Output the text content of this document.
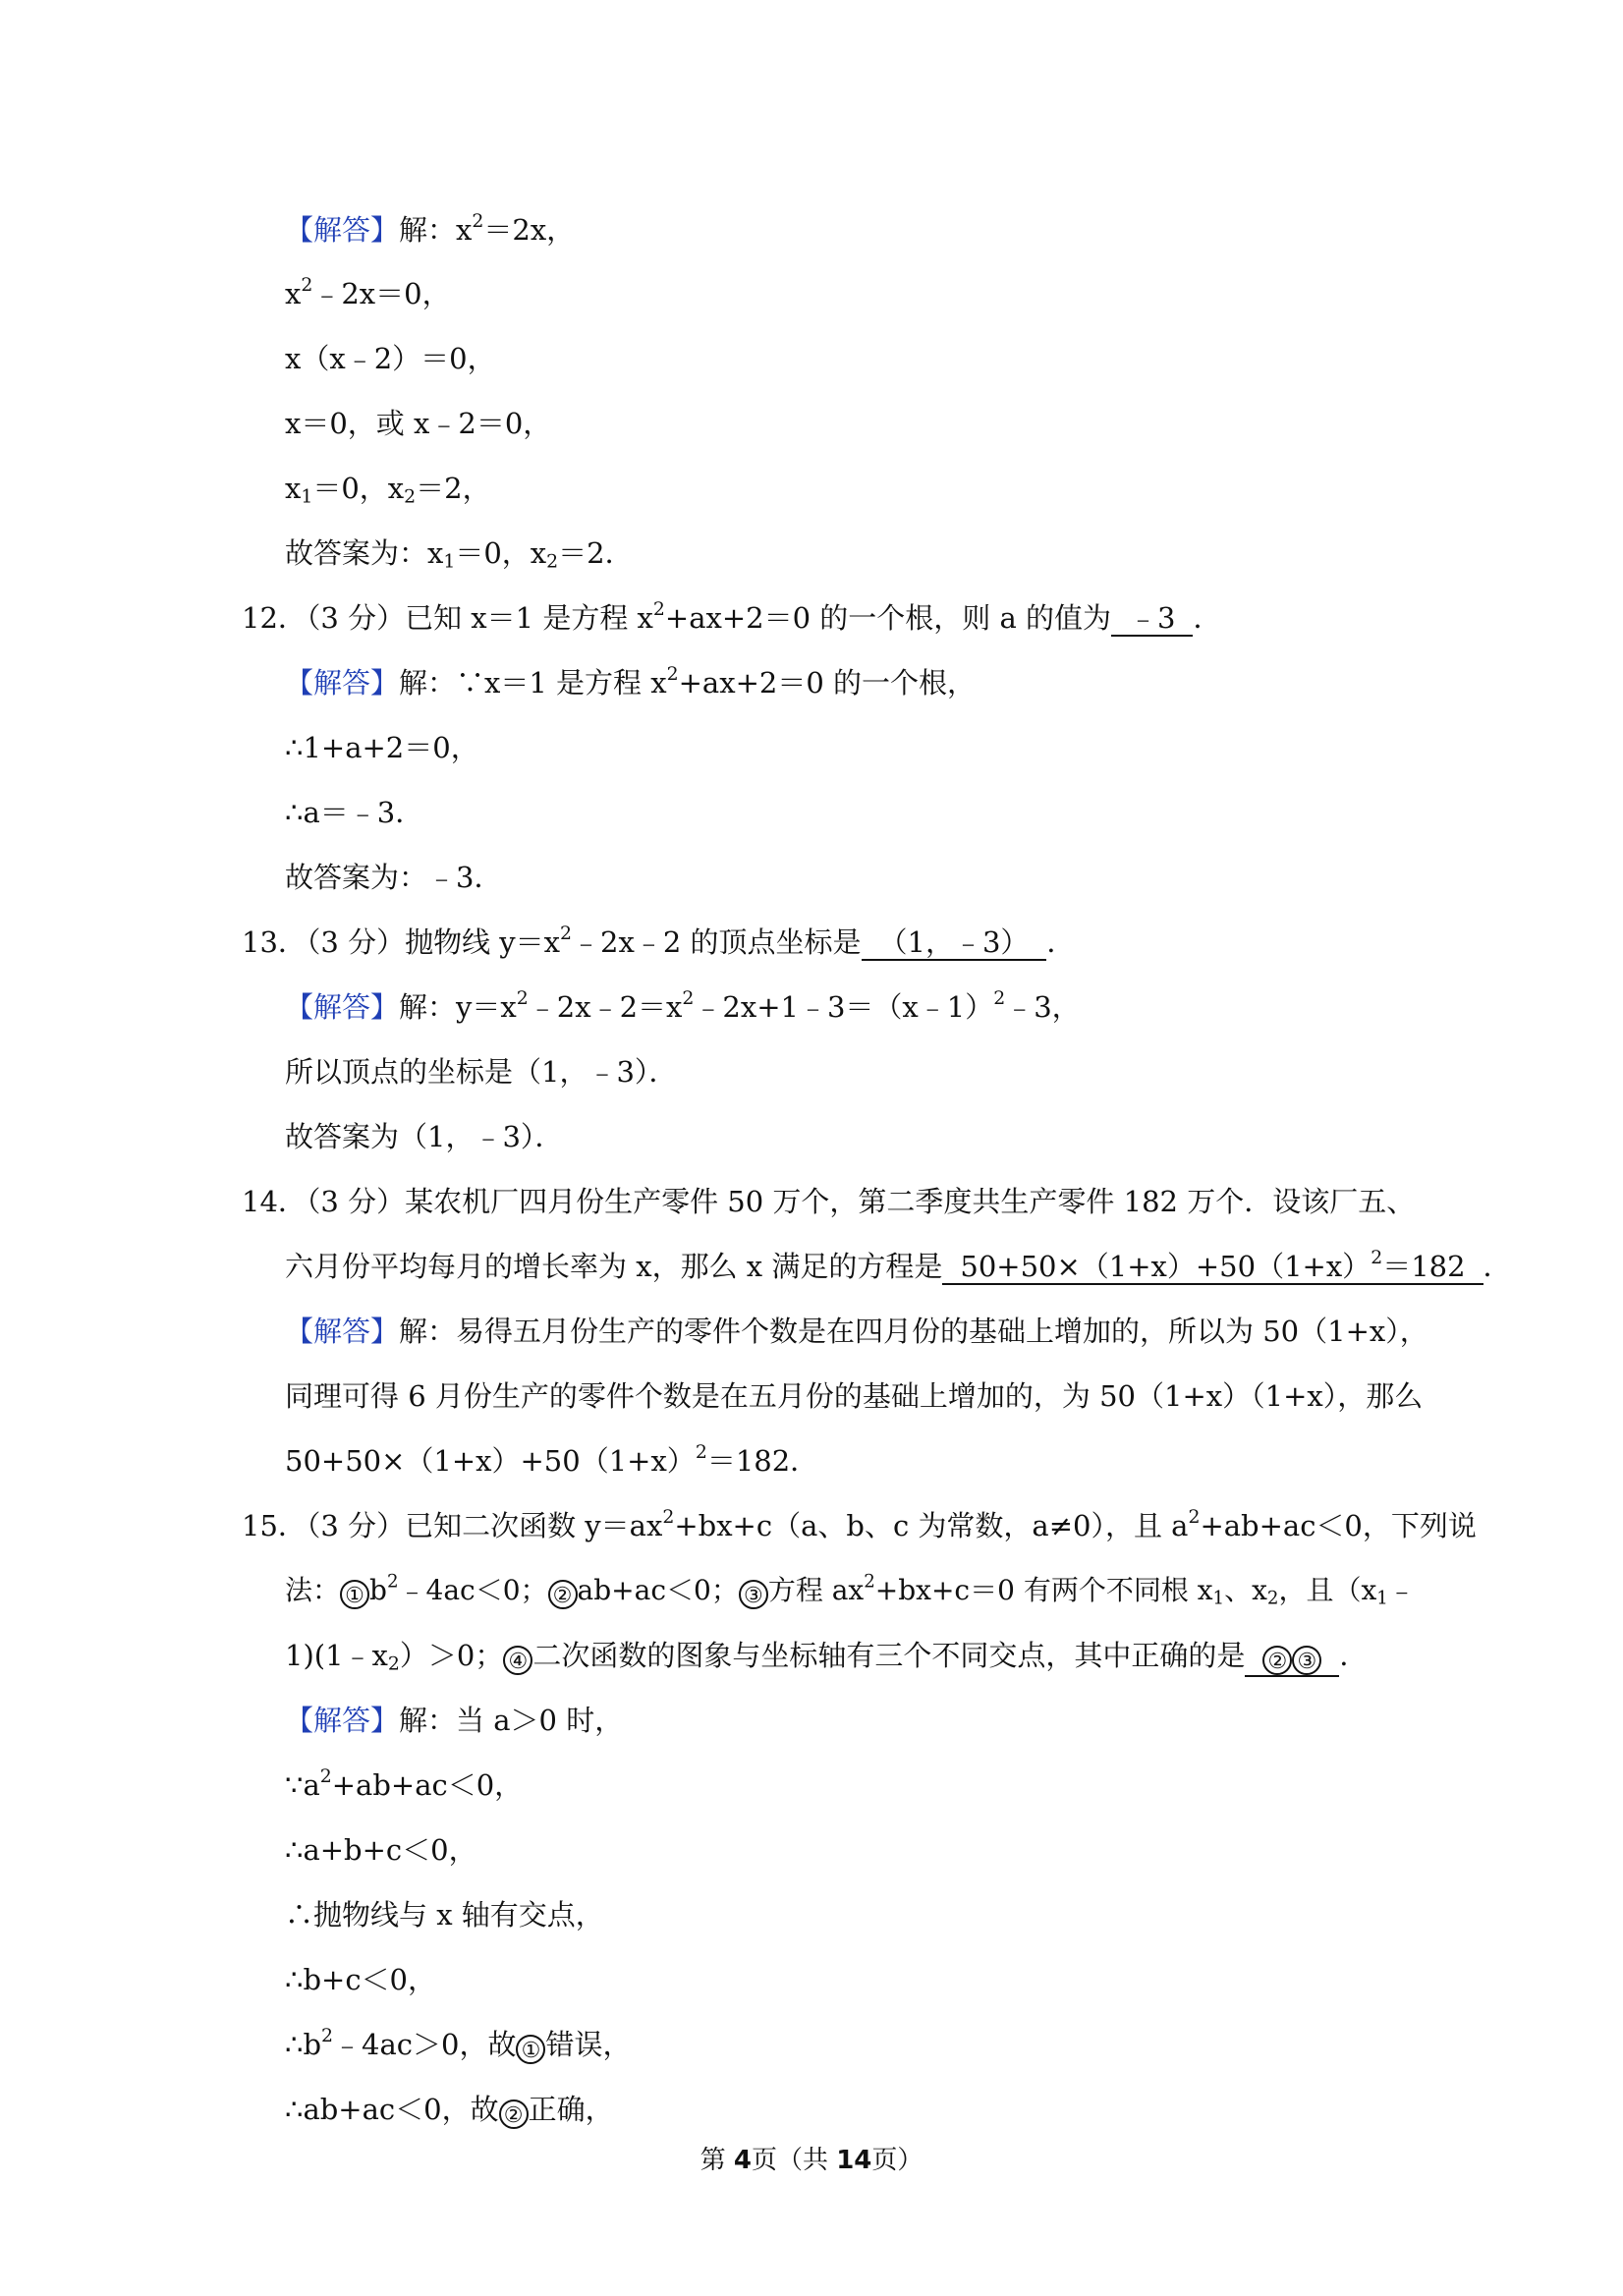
【解答】解：$x^2=2x$，
$x^2﹣2x=0$，
x（x﹣2）＝0，
x＝0，或 x﹣2＝0，
$x_1=0$，$x_2=2$，
故答案为：$x_1=0$，$x_2=2$．
12．（3 分）已知 x＝1 是方程 $x^2+ax+2=0$ 的一个根，则 a 的值为 ﹣3 ．
【解答】解：∵x＝1 是方程 $x^2+ax+2=0$ 的一个根，
∴1+a+2＝0，
∴a＝﹣3．
故答案为：﹣3．
13．（3 分）抛物线 $y=x^2﹣2x﹣2$ 的顶点坐标是 （1，﹣3） ．
【解答】解：$y=x^2﹣2x﹣2=x^2﹣2x+1﹣3=(x﹣1)^2﹣3$，
所以顶点的坐标是（1，﹣3）．
故答案为（1，﹣3）．
14．（3 分）某农机厂四月份生产零件 50 万个，第二季度共生产零件 182 万个．设该厂五、
六月份平均每月的增长率为 x，那么 x 满足的方程是 $50+50\times(1+x)+50(1+x)^2=182$ ．
【解答】解：易得五月份生产的零件个数是在四月份的基础上增加的，所以为 50（1+x），
同理可得 6 月份生产的零件个数是在五月份的基础上增加的，为 50（1+x）（1+x），那么
$50+50\times(1+x)+50(1+x)^2=182$．
15．（3 分）已知二次函数 $y=ax^2+bx+c(a$、b、c 为常数，a≠0），且 $a^2+ab+ac<0$，下列说
法： ① $b^2﹣4ac<0$； ② ab+ac＜0； ③ 方程 $ax^2+bx+c=0$ 有两个不同根 $x_1$、$x_2$，且（$x_1﹣$
$1)(1﹣x_2)>0$； ④ 二次函数的图象与坐标轴有三个不同交点，其中正确的是 ② ③ ．
【解答】解：当 a＞0 时，
$\because a^2+ab+ac<0$，
∴a+b+c＜0，
∴抛物线与 x 轴有交点，
∴b+c＜0，
$\therefore b^2﹣4ac>0$，故 ① 错误，
∴ab+ac＜0，故 ② 正确，
第 4页（共 14页）
